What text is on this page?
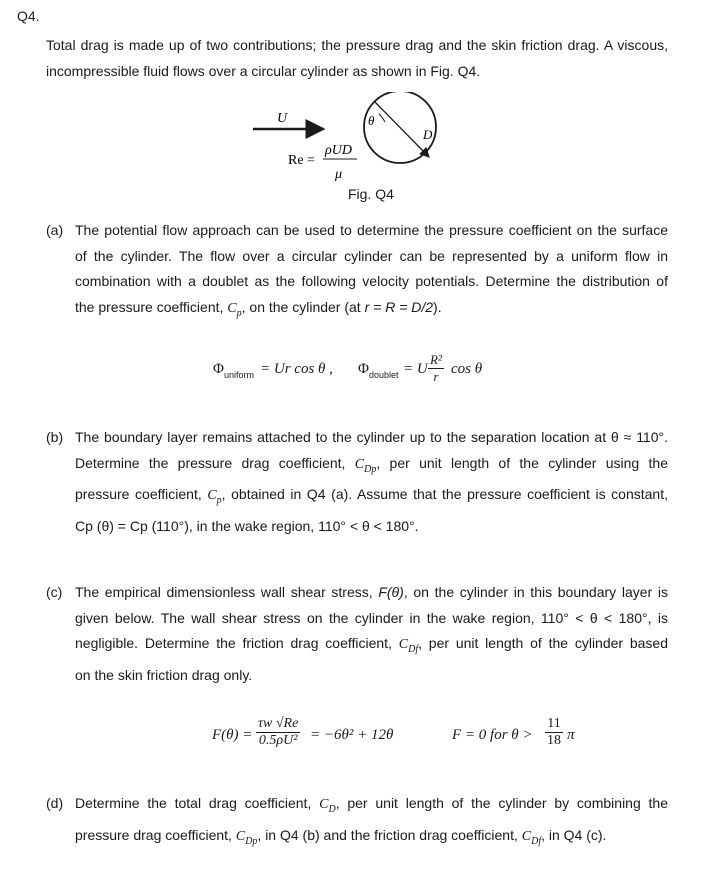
Q4.
Total drag is made up of two contributions; the pressure drag and the skin friction drag. A viscous,
incompressible fluid flows over a circular cylinder as shown in Fig. Q4.
U	θ
D
Re =
ρUD
μ
Fig. Q4
(a) The potential flow approach can be used to determine the pressure coefficient on the surface
of the cylinder. The flow over a circular cylinder can be represented by a uniform flow in
combination with a doublet as the following velocity potentials. Determine the distribution of
the pressure coefficient, $C_p$, on the cylinder (at r = R = D/2).
$\Phi_{uniform} = Ur$ cos θ , $\Phi_{doublet} = U \frac{\text{R²}}{r}$ cos θ
(b) The boundary layer remains attached to the cylinder up to the separation location at θ ≈ 110°.
Determine the pressure drag coefficient, $C_{Dp}$, per unit length of the cylinder using the
pressure coefficient, $C_p$, obtained in Q4 (a). Assume that the pressure coefficient is constant,
Cp (θ) = Cp (110°), in the wake region, 110° < θ < 180°.
(c) The empirical dimensionless wall shear stress, F(θ), on the cylinder in this boundary layer is
given below. The wall shear stress on the cylinder in the wake region, 110° < θ < 180°, is
negligible. Determine the friction drag coefficient, $C_{Df}$, per unit length of the cylinder based
on the skin friction drag only.
$F(\theta) = \frac{\tau w √Re}{\text{0.5ρU²}} = -6\theta^2 + 12\theta$	F = 0 for $\theta > \frac{11}{18}$ π
(d) Determine the total drag coefficient, $C_D$, per unit length of the cylinder by combining the
pressure drag coefficient, $C_{Dp}$, in Q4 (b) and the friction drag coefficient, $C_{Df}$, in Q4 (c).
